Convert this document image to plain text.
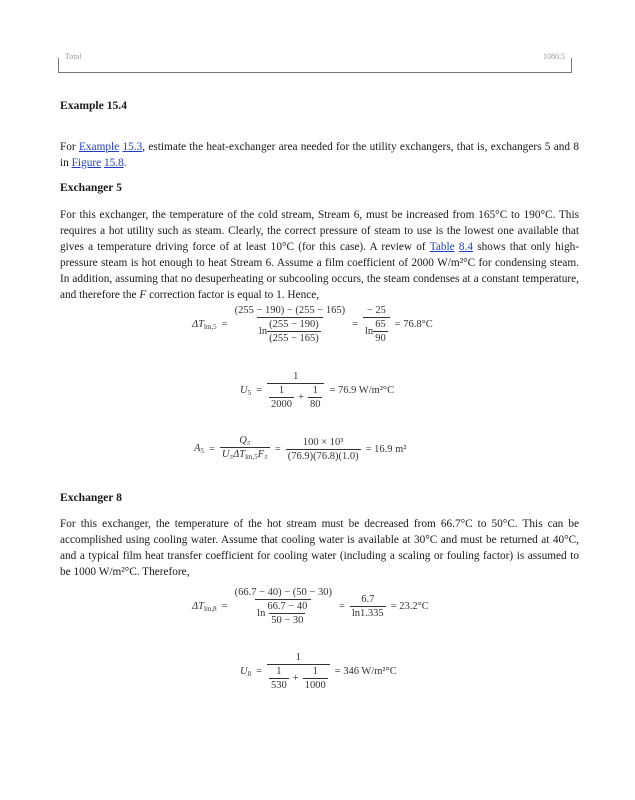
Total	1080.5
Example 15.4
For Example 15.3, estimate the heat-exchanger area needed for the utility exchangers, that is, exchangers 5 and 8 in Figure 15.8.
Exchanger 5
For this exchanger, the temperature of the cold stream, Stream 6, must be increased from 165°C to 190°C. This requires a hot utility such as steam. Clearly, the correct pressure of steam to use is the lowest one available that gives a temperature driving force of at least 10°C (for this case). A review of Table 8.4 shows that only high-pressure steam is hot enough to heat Stream 6. Assume a film coefficient of 2000 W/m²°C for condensing steam. In addition, assuming that no desuperheating or subcooling occurs, the steam condenses at a constant temperature, and therefore the F correction factor is equal to 1. Hence,
$\Delta T_{lm,5} = \frac{(255 - 190) - (255 - 165)}{\ln \frac{(255 - 190)}{(255 - 165)}} = \frac{- 25}{\ln \frac{65}{90}} = 76.8^\circ C$
$U_5 = \frac{1}{\frac{1}{2000} + \frac{1}{80}} = 76.9$ W/m²°C
$A_5 = \frac{\text{Q₅}}{U_5\Delta T_{lm,5}F_5} = \frac{\text{100 × 10³}}{(76.9)(76.8)(1.0)} = 16.9$ m²
Exchanger 8
For this exchanger, the temperature of the hot stream must be decreased from 66.7°C to 50°C. This can be accomplished using cooling water. Assume that cooling water is available at 30°C and must be returned at 40°C, and a typical film heat transfer coefficient for cooling water (including a scaling or fouling factor) is assumed to be 1000 W/m²°C. Therefore,
$\Delta T_{lm,8} = \frac{(66.7 - 40) - (50 - 30)}{\ln \frac{66.7 - 40}{50 - 30}} = \frac{6.7}{\ln 1.335} = 23.2^\circ C$
$U_8 = \frac{1}{\frac{1}{530} + \frac{1}{1000}} = 346$ W/m²°C
